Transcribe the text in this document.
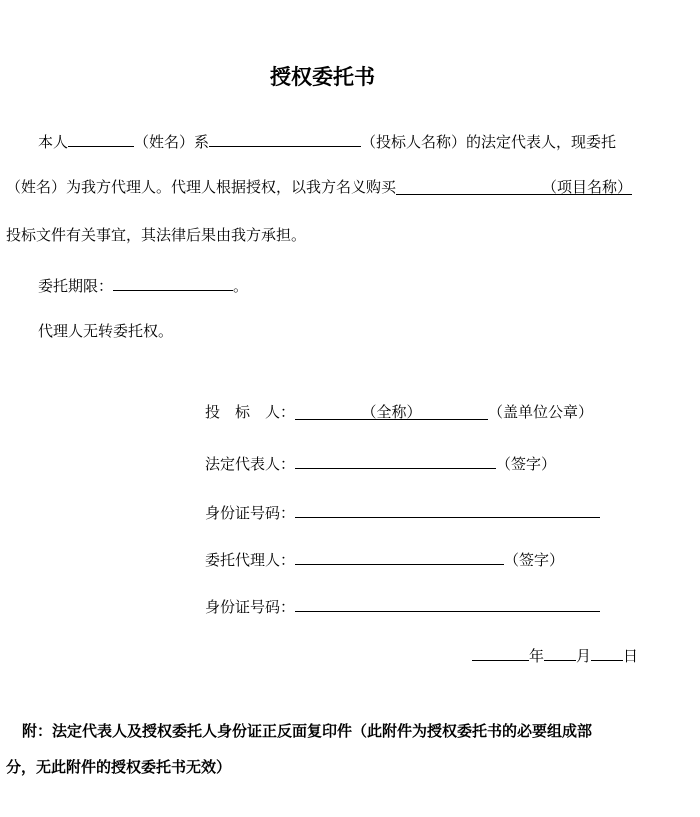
授权委托书
本人	（姓名）系	（投标人名称）的法定代表人，现委托
（姓名）为我方代理人。代理人根据授权，以我方名义购买	（项目名称）
投标文件有关事宜，其法律后果由我方承担。
委托期限：	。
代理人无转委托权。
投　标　人：	（全称）	（盖单位公章）
法定代表人：	（签字）
身份证号码：
委托代理人：	（签字）
身份证号码：
年 月 日
附：法定代表人及授权委托人身份证正反面复印件（此附件为授权委托书的必要组成部
分，无此附件的授权委托书无效）
